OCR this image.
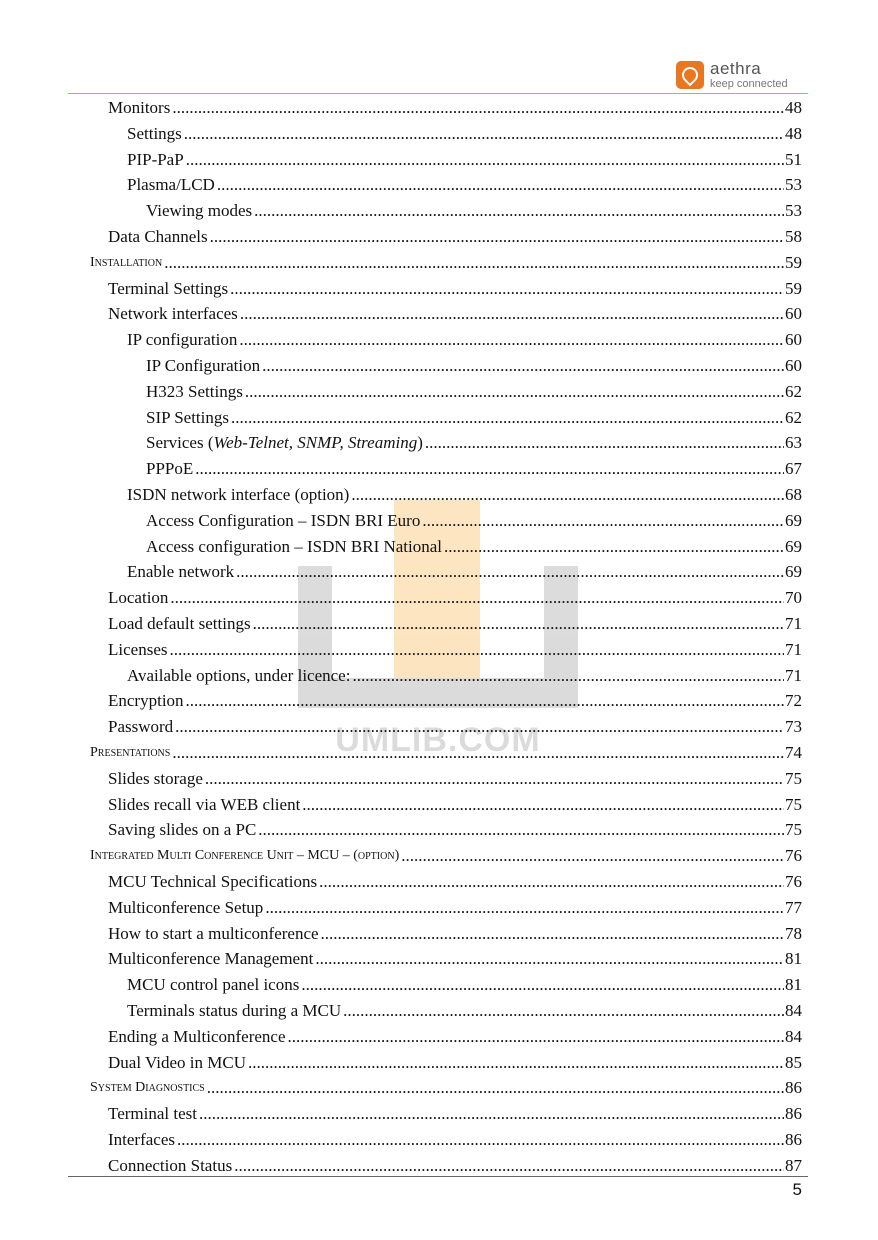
aethra
keep connected
UMLIB.COM
Monitors .....	48
Settings .....	48
PIP-PaP .....	51
Plasma/LCD .....	53
Viewing modes .....	53
Data Channels .....	58
Installation .....	59
Terminal Settings .....	59
Network interfaces .....	60
IP configuration .....	60
IP Configuration .....	60
H323 Settings .....	62
SIP Settings .....	62
Services (Web-Telnet, SNMP, Streaming) .....	63
PPPoE .....	67
ISDN network interface (option) .....	68
Access Configuration – ISDN BRI Euro .....	69
Access configuration – ISDN BRI National .....	69
Enable network .....	69
Location .....	70
Load default settings .....	71
Licenses .....	71
Available options, under licence: .....	71
Encryption .....	72
Password .....	73
Presentations .....	74
Slides storage .....	75
Slides recall via WEB client .....	75
Saving slides on a PC .....	75
Integrated Multi Conference Unit – MCU – (option) .....	76
MCU Technical Specifications .....	76
Multiconference Setup .....	77
How to start a multiconference .....	78
Multiconference Management .....	81
MCU control panel icons .....	81
Terminals status during a MCU .....	84
Ending a Multiconference .....	84
Dual Video in MCU .....	85
System Diagnostics .....	86
Terminal test .....	86
Interfaces .....	86
Connection Status .....	87
5
